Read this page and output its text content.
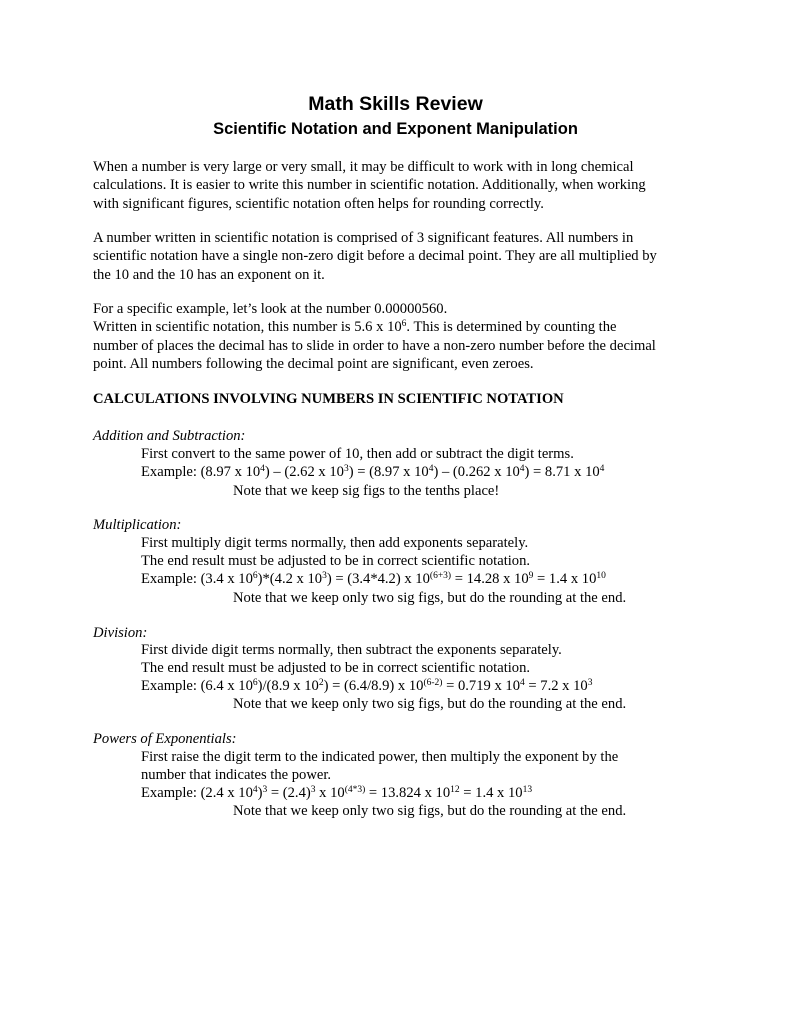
Math Skills Review
Scientific Notation and Exponent Manipulation
When a number is very large or very small, it may be difficult to work with in long chemical
calculations. It is easier to write this number in scientific notation. Additionally, when working
with significant figures, scientific notation often helps for rounding correctly.
A number written in scientific notation is comprised of 3 significant features. All numbers in
scientific notation have a single non-zero digit before a decimal point. They are all multiplied by
the 10 and the 10 has an exponent on it.
For a specific example, let’s look at the number 0.00000560.
Written in scientific notation, this number is 5.6 x $10^6$. This is determined by counting the
number of places the decimal has to slide in order to have a non-zero number before the decimal
point. All numbers following the decimal point are significant, even zeroes.
CALCULATIONS INVOLVING NUMBERS IN SCIENTIFIC NOTATION
Addition and Subtraction:
First convert to the same power of 10, then add or subtract the digit terms.
Example: (8.97 x $10^4) - (2.62$ x $10^3) = (8.97$ x $10^4) - (0.262$ x $10^4) = 8.71$ x $10^4$
Note that we keep sig figs to the tenths place!
Multiplication:
First multiply digit terms normally, then add exponents separately.
The end result must be adjusted to be in correct scientific notation.
Example: (3.4 x $10^6)*(4.2$ x $10^3) = (3.4*4.2)$ x $10^{(6+3)} = 14.28$ x $10^9 = 1.4$ x $10^{10}$
Note that we keep only two sig figs, but do the rounding at the end.
Division:
First divide digit terms normally, then subtract the exponents separately.
The end result must be adjusted to be in correct scientific notation.
Example: (6.4 x $10^6)/(8.9$ x $10^2) = (6.4/8.9)$ x $10^{(6-2)} = 0.719$ x $10^4 = 7.2$ x $10^3$
Note that we keep only two sig figs, but do the rounding at the end.
Powers of Exponentials:
First raise the digit term to the indicated power, then multiply the exponent by the
number that indicates the power.
Example: (2.4 x $10^4)^3 = (2.4)^3$ x $10^{(4*3)} = 13.824$ x $10^{12} = 1.4$ x $10^{13}$
Note that we keep only two sig figs, but do the rounding at the end.
